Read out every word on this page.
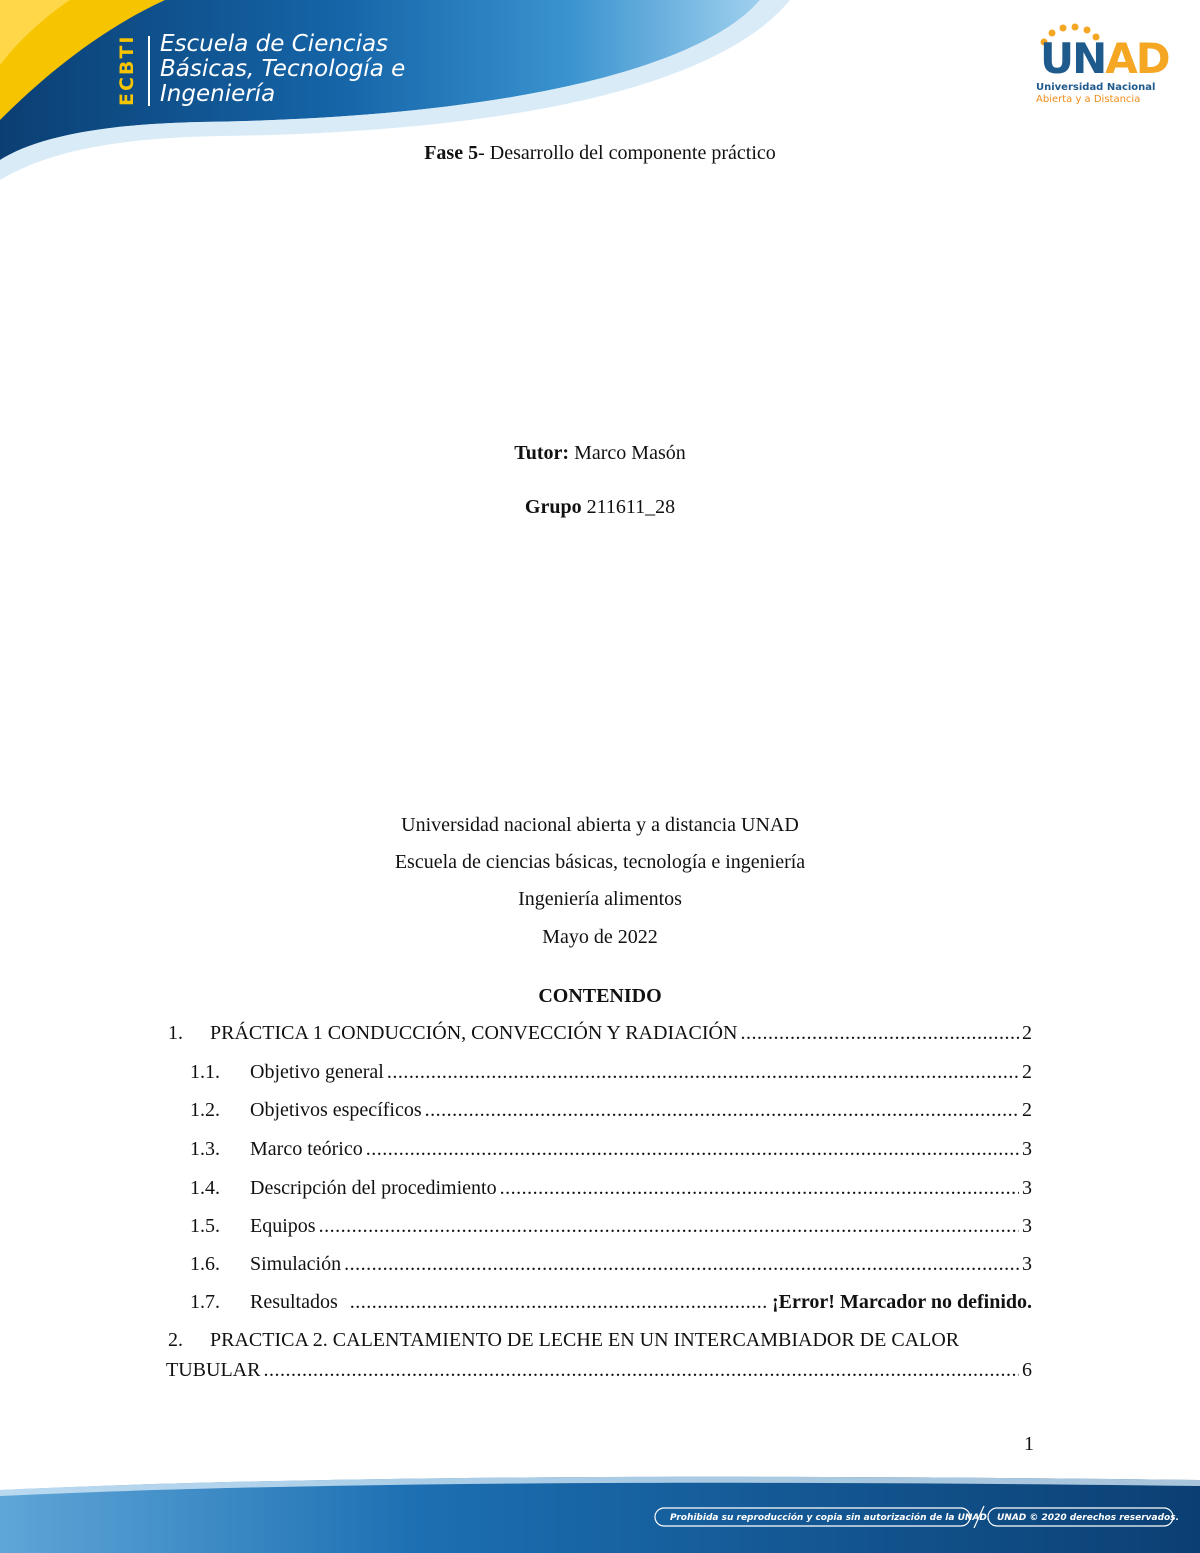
ECBTI Escuela de Ciencias
Básicas, Tecnología e
Ingeniería
UNAD
Universidad Nacional
Abierta y a Distancia
Fase 5- Desarrollo del componente práctico
Tutor: Marco Masón
Grupo 211611_28
Universidad nacional abierta y a distancia UNAD
Escuela de ciencias básicas, tecnología e ingeniería
Ingeniería alimentos
Mayo de 2022
CONTENIDO
1.	PRÁCTICA 1 CONDUCCIÓN, CONVECCIÓN Y RADIACIÓN .....	2
1.1.	Objetivo general .....	2
1.2.	Objetivos específicos .....	2
1.3.	Marco teórico .....	3
1.4.	Descripción del procedimiento .....	3
1.5.	Equipos .....	3
1.6.	Simulación .....	3
1.7.	Resultados .....	¡Error! Marcador no definido.
2. PRACTICA 2. CALENTAMIENTO DE LECHE EN UN INTERCAMBIADOR DE CALOR
TUBULAR .....	6
1
Prohibida su reproducción y copia sin autorización de la UNAD. UNAD © 2020 derechos reservados.
